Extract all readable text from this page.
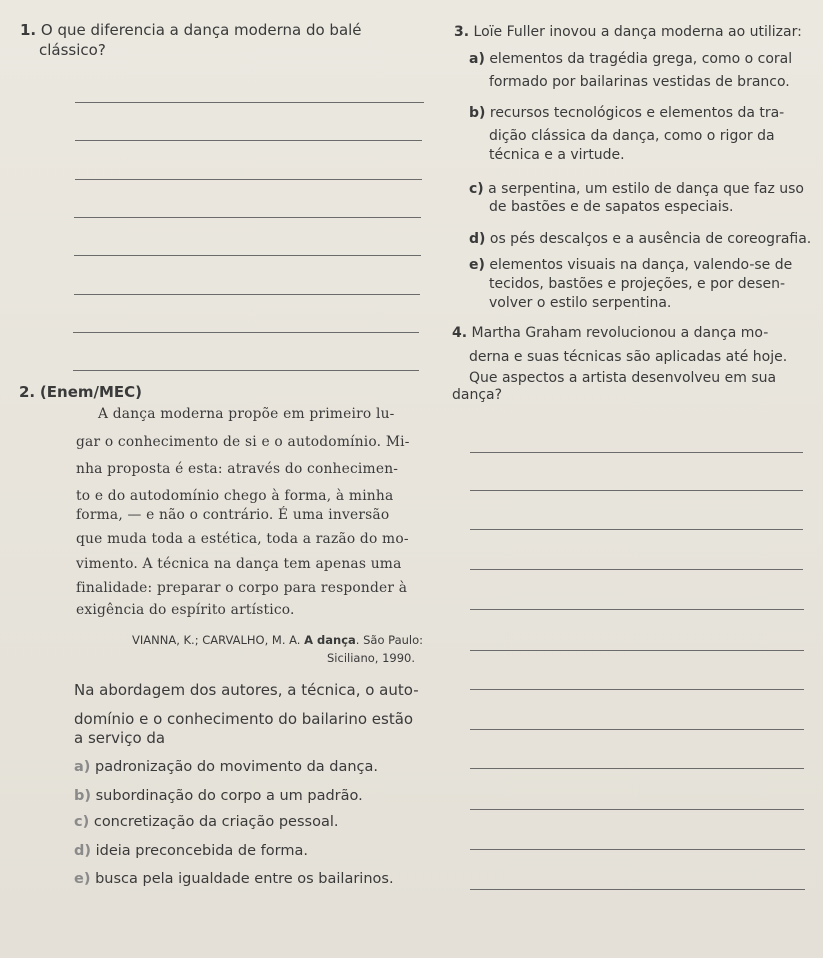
1. O que diferencia a dança moderna do balé
clássico?
2. (Enem/MEC)
A dança moderna propõe em primeiro lu-
gar o conhecimento de si e o autodomínio. Mi-
nha proposta é esta: através do conhecimen-
to e do autodomínio chego à forma, à minha
forma, — e não o contrário. É uma inversão
que muda toda a estética, toda a razão do mo-
vimento. A técnica na dança tem apenas uma
finalidade: preparar o corpo para responder à
exigência do espírito artístico.
VIANNA, K.; CARVALHO, M. A. A dança. São Paulo:
Siciliano, 1990.
Na abordagem dos autores, a técnica, o auto-
domínio e o conhecimento do bailarino estão
a serviço da
a) padronização do movimento da dança.
b) subordinação do corpo a um padrão.
c) concretização da criação pessoal.
d) ideia preconcebida de forma.
e) busca pela igualdade entre os bailarinos.
3. Loïe Fuller inovou a dança moderna ao utilizar:
a) elementos da tragédia grega, como o coral
formado por bailarinas vestidas de branco.
b) recursos tecnológicos e elementos da tra-
dição clássica da dança, como o rigor da
técnica e a virtude.
c) a serpentina, um estilo de dança que faz uso
de bastões e de sapatos especiais.
d) os pés descalços e a ausência de coreografia.
e) elementos visuais na dança, valendo-se de
tecidos, bastões e projeções, e por desen-
volver o estilo serpentina.
4. Martha Graham revolucionou a dança mo-
derna e suas técnicas são aplicadas até hoje.
Que aspectos a artista desenvolveu em sua
dança?
